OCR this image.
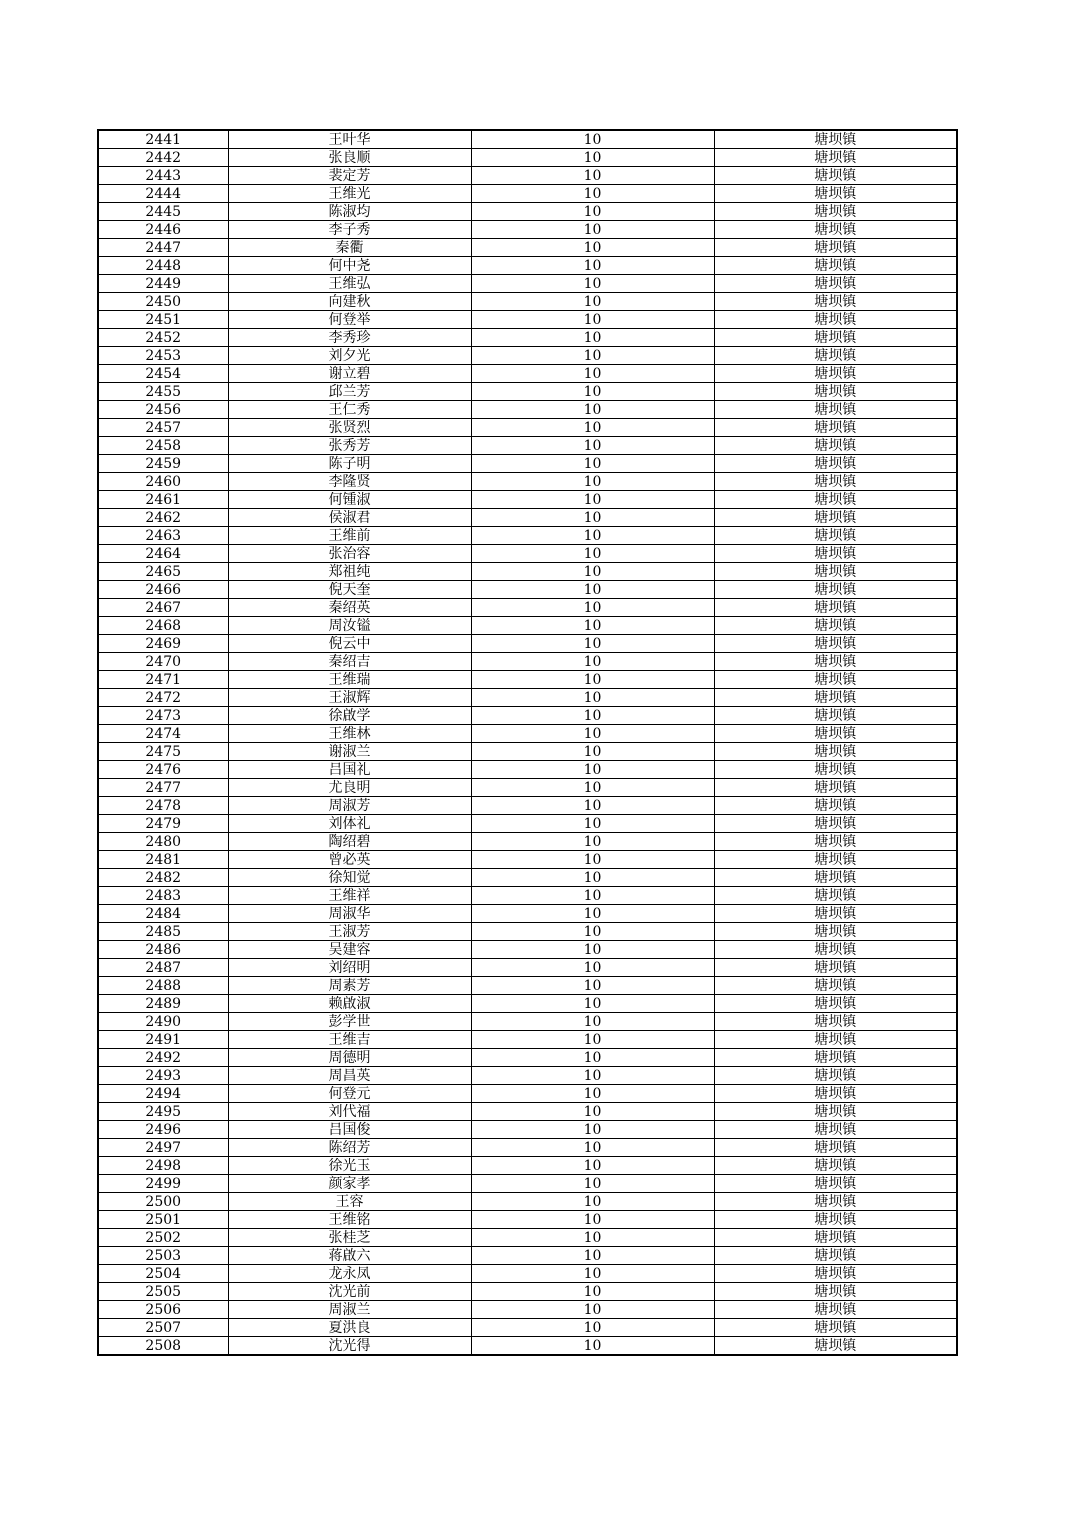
2441	王叶华	10	塘坝镇
2442	张良顺	10	塘坝镇
2443	裴定芳	10	塘坝镇
2444	王维光	10	塘坝镇
2445	陈淑均	10	塘坝镇
2446	李子秀	10	塘坝镇
2447	秦衢	10	塘坝镇
2448	何中尧	10	塘坝镇
2449	王维弘	10	塘坝镇
2450	向建秋	10	塘坝镇
2451	何登举	10	塘坝镇
2452	李秀珍	10	塘坝镇
2453	刘夕光	10	塘坝镇
2454	谢立碧	10	塘坝镇
2455	邱兰芳	10	塘坝镇
2456	王仁秀	10	塘坝镇
2457	张贤烈	10	塘坝镇
2458	张秀芳	10	塘坝镇
2459	陈子明	10	塘坝镇
2460	李隆贤	10	塘坝镇
2461	何锺淑	10	塘坝镇
2462	侯淑君	10	塘坝镇
2463	王维前	10	塘坝镇
2464	张治容	10	塘坝镇
2465	郑祖纯	10	塘坝镇
2466	倪天奎	10	塘坝镇
2467	秦绍英	10	塘坝镇
2468	周汝镒	10	塘坝镇
2469	倪云中	10	塘坝镇
2470	秦绍吉	10	塘坝镇
2471	王维瑞	10	塘坝镇
2472	王淑辉	10	塘坝镇
2473	徐啟学	10	塘坝镇
2474	王维林	10	塘坝镇
2475	谢淑兰	10	塘坝镇
2476	吕国礼	10	塘坝镇
2477	尤良明	10	塘坝镇
2478	周淑芳	10	塘坝镇
2479	刘体礼	10	塘坝镇
2480	陶绍碧	10	塘坝镇
2481	曾必英	10	塘坝镇
2482	徐知觉	10	塘坝镇
2483	王维祥	10	塘坝镇
2484	周淑华	10	塘坝镇
2485	王淑芳	10	塘坝镇
2486	吴建容	10	塘坝镇
2487	刘绍明	10	塘坝镇
2488	周素芳	10	塘坝镇
2489	赖啟淑	10	塘坝镇
2490	彭学世	10	塘坝镇
2491	王维吉	10	塘坝镇
2492	周德明	10	塘坝镇
2493	周昌英	10	塘坝镇
2494	何登元	10	塘坝镇
2495	刘代福	10	塘坝镇
2496	吕国俊	10	塘坝镇
2497	陈绍芳	10	塘坝镇
2498	徐光玉	10	塘坝镇
2499	颜家孝	10	塘坝镇
2500	王容	10	塘坝镇
2501	王维铭	10	塘坝镇
2502	张桂芝	10	塘坝镇
2503	蒋啟六	10	塘坝镇
2504	龙永凤	10	塘坝镇
2505	沈光前	10	塘坝镇
2506	周淑兰	10	塘坝镇
2507	夏洪良	10	塘坝镇
2508	沈光得	10	塘坝镇
